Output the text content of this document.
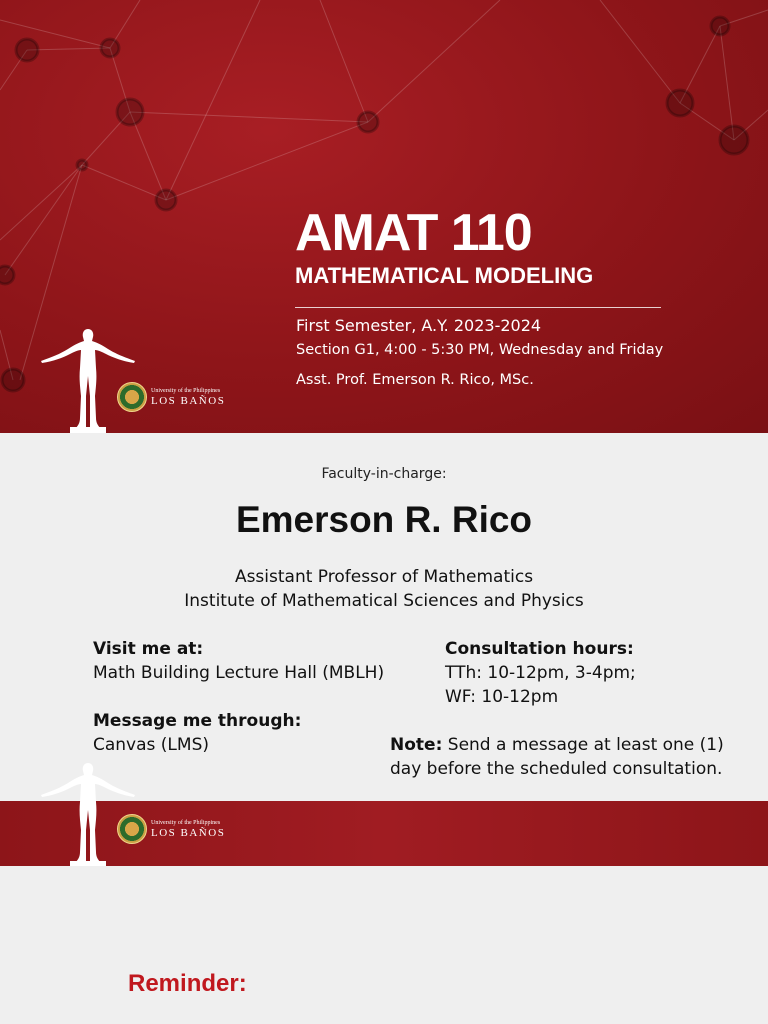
AMAT 110
MATHEMATICAL MODELING
First Semester, A.Y. 2023-2024
Section G1, 4:00 - 5:30 PM, Wednesday and Friday
Asst. Prof. Emerson R. Rico, MSc.
University of the Philippines
LOS BAÑOS
Faculty-in-charge:
Emerson R. Rico
Assistant Professor of Mathematics
Institute of Mathematical Sciences and Physics
Visit me at:
Math Building Lecture Hall (MBLH)
Message me through:
Canvas (LMS)
Consultation hours:
TTh: 10-12pm, 3-4pm;
WF: 10-12pm
Note: Send a message at least one (1) day before the scheduled consultation.
University of the Philippines
LOS BAÑOS
Reminder:
